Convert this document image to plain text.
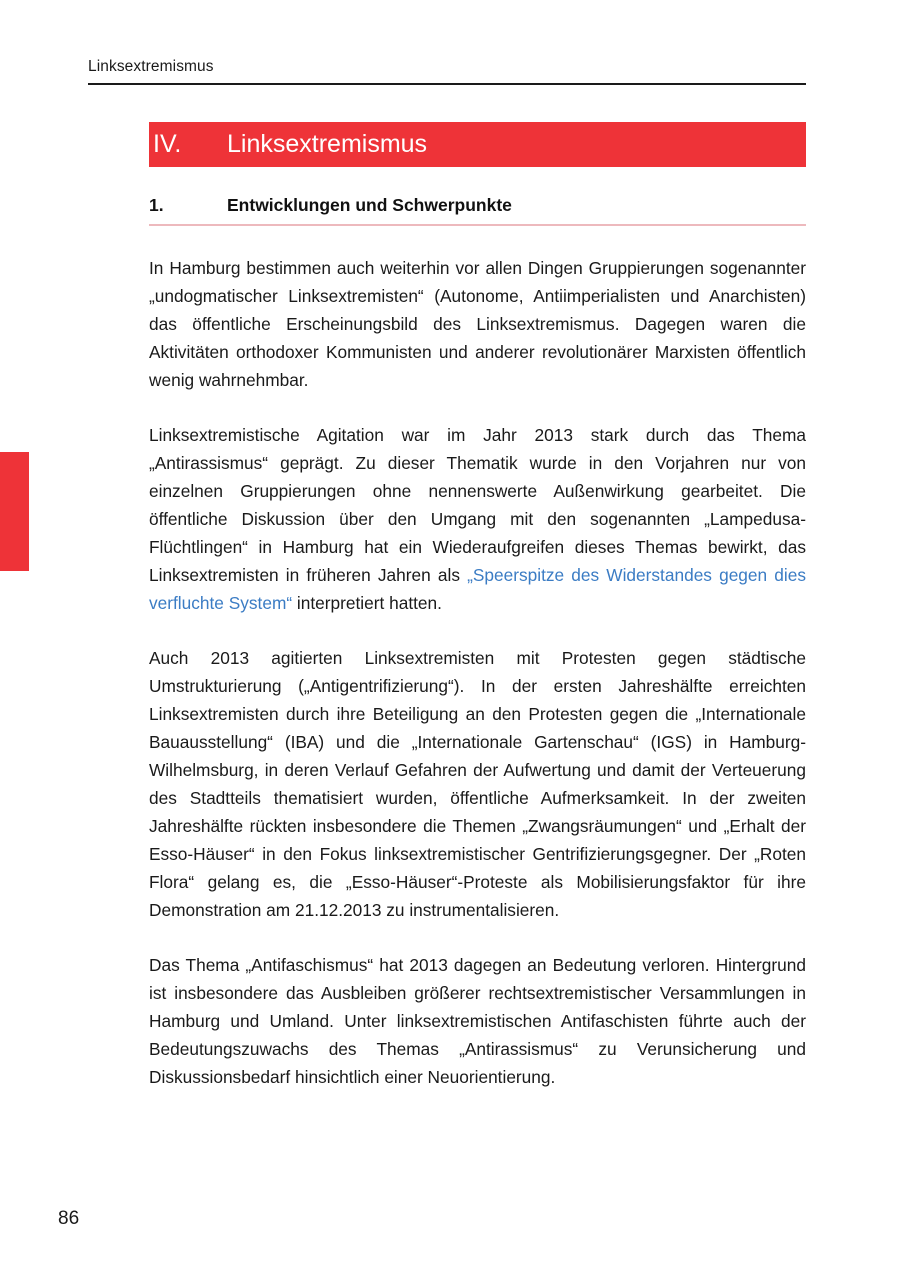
Linksextremismus
IV.	Linksextremismus
1.	Entwicklungen und Schwerpunkte

In Hamburg bestimmen auch weiterhin vor allen Dingen Gruppierungen sogenannter „undogmatischer Linksextremisten“ (Autonome, Antiimperialisten und Anarchisten) das öffentliche Erscheinungsbild des Linksextremismus. Dagegen waren die Aktivitäten orthodoxer Kommunisten und anderer revolutionärer Marxisten öffentlich wenig wahrnehmbar.

Linksextremistische Agitation war im Jahr 2013 stark durch das Thema „Antirassismus“ geprägt. Zu dieser Thematik wurde in den Vorjahren nur von einzelnen Gruppierungen ohne nennenswerte Außenwirkung gearbeitet. Die öffentliche Diskussion über den Umgang mit den sogenannten „Lampedusa-Flüchtlingen“ in Hamburg hat ein Wiederaufgreifen dieses Themas bewirkt, das Linksextremisten in früheren Jahren als „Speerspitze des Widerstandes gegen dies verfluchte System“ interpretiert hatten.

Auch 2013 agitierten Linksextremisten mit Protesten gegen städtische Umstrukturierung („Antigentrifizierung“). In der ersten Jahreshälfte erreichten Linksextremisten durch ihre Beteiligung an den Protesten gegen die „Internationale Bauausstellung“ (IBA) und die „Internationale Gartenschau“ (IGS) in Hamburg-Wilhelmsburg, in deren Verlauf Gefahren der Aufwertung und damit der Verteuerung des Stadtteils thematisiert wurden, öffentliche Aufmerksamkeit. In der zweiten Jahreshälfte rückten insbesondere die Themen „Zwangsräumungen“ und „Erhalt der Esso-Häuser“ in den Fokus linksextremistischer Gentrifizierungsgegner. Der „Roten Flora“ gelang es, die „Esso-Häuser“-Proteste als Mobilisierungsfaktor für ihre Demonstration am 21.12.2013 zu instrumentalisieren.

Das Thema „Antifaschismus“ hat 2013 dagegen an Bedeutung verloren. Hintergrund ist insbesondere das Ausbleiben größerer rechtsextremistischer Versammlungen in Hamburg und Umland. Unter linksextremistischen Antifaschisten führte auch der Bedeutungszuwachs des Themas „Antirassismus“ zu Verunsicherung und Diskussionsbedarf hinsichtlich einer Neuorientierung.

86
